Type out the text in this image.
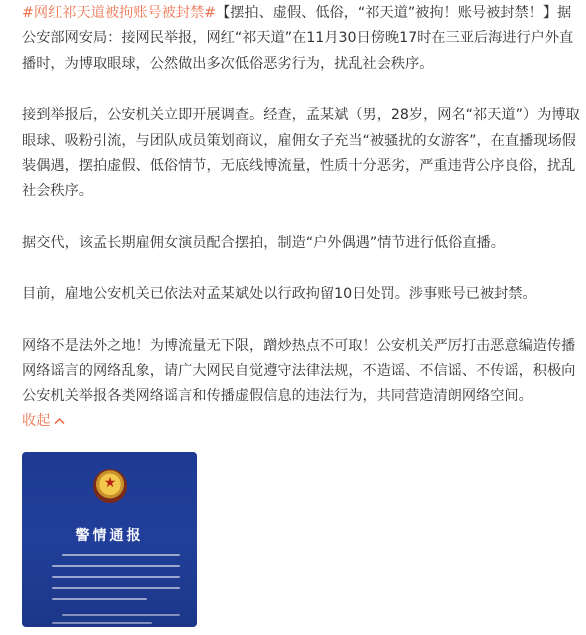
#网红祁天道被拘账号被封禁#【摆拍、虚假、低俗，“祁天道”被拘！账号被封禁！】据公安部网安局：接网民举报，网红“祁天道”在11月30日傍晚17时在三亚后海进行户外直播时，为博取眼球，公然做出多次低俗恶劣行为，扰乱社会秩序。

接到举报后，公安机关立即开展调查。经查，孟某斌（男，28岁，网名“祁天道”）为博取眼球、吸粉引流，与团队成员策划商议，雇佣女子充当“被骚扰的女游客”，在直播现场假装偶遇，摆拍虚假、低俗情节，无底线博流量，性质十分恶劣，严重违背公序良俗，扰乱社会秩序。

据交代，该孟长期雇佣女演员配合摆拍，制造“户外偶遇”情节进行低俗直播。

目前，雇地公安机关已依法对孟某斌处以行政拘留10日处罚。涉事账号已被封禁。

网络不是法外之地！为博流量无下限，蹭炒热点不可取！公安机关严厉打击恶意编造传播网络谣言的网络乱象，请广大网民自觉遵守法律法规，不造谣、不信谣、不传谣，积极向公安机关举报各类网络谣言和传播虚假信息的违法行为，共同营造清朗网络空间。

收起
★
警情通报
